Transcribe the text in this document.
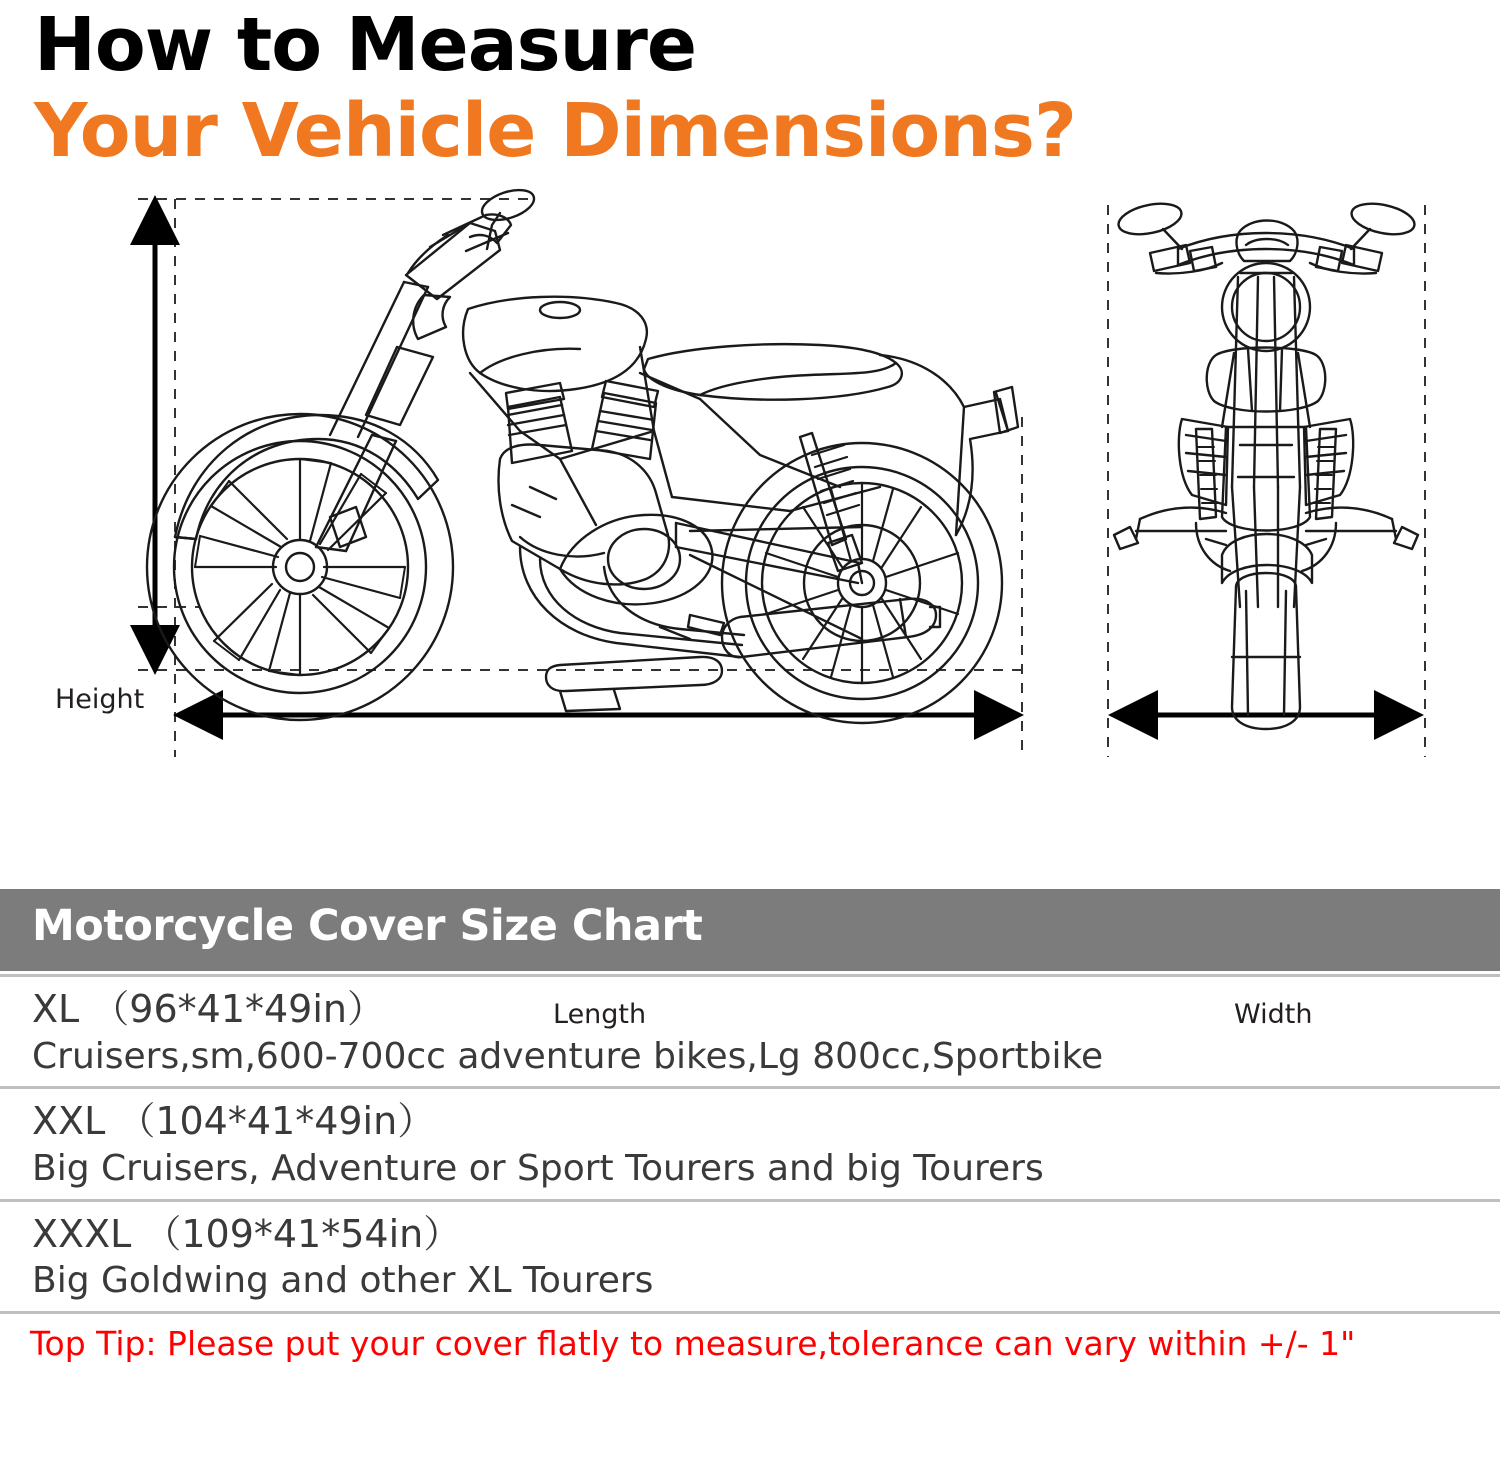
How to Measure
Your Vehicle Dimensions?
Height
Length	Width
Motorcycle Cover Size Chart
XL （96*41*49in）
Cruisers,sm,600-700cc adventure bikes,Lg 800cc,Sportbike
XXL （104*41*49in）
Big Cruisers, Adventure or Sport Tourers and big Tourers
XXXL （109*41*54in）
Big Goldwing and other XL Tourers
Top Tip: Please put your cover flatly to measure,tolerance can vary within +/- 1"
